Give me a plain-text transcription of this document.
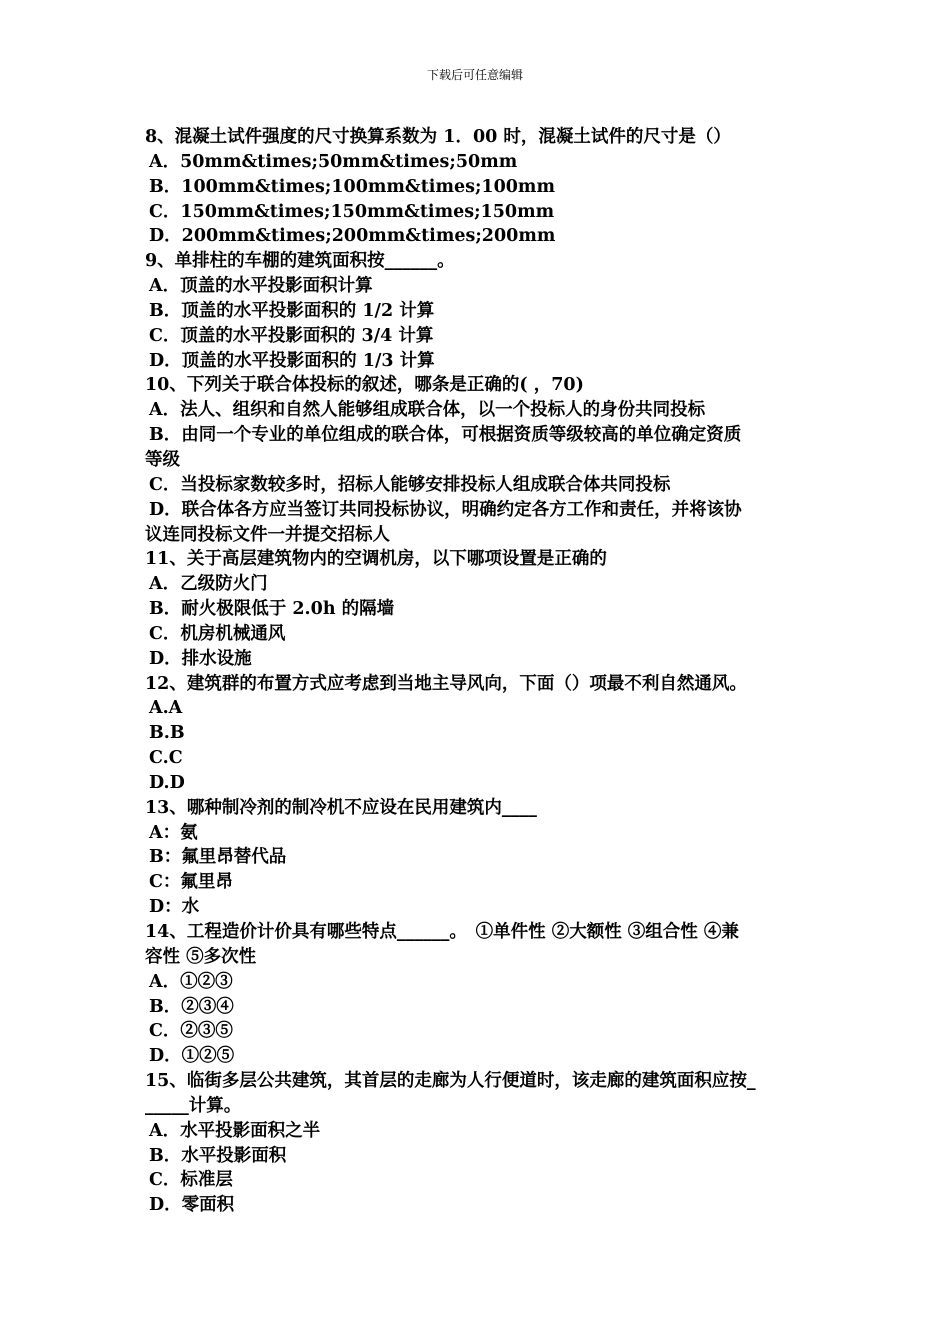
下载后可任意编辑
8、混凝土试件强度的尺寸换算系数为 1．00 时，混凝土试件的尺寸是（）
A．50mm&times;50mm&times;50mm
B．100mm&times;100mm&times;100mm
C．150mm&times;150mm&times;150mm
D．200mm&times;200mm&times;200mm
9、单排柱的车棚的建筑面积按______。
A．顶盖的水平投影面积计算
B．顶盖的水平投影面积的 1/2 计算
C．顶盖的水平投影面积的 3/4 计算
D．顶盖的水平投影面积的 1/3 计算
10、下列关于联合体投标的叙述，哪条是正确的( ，70)
A．法人、组织和自然人能够组成联合体，以一个投标人的身份共同投标
B．由同一个专业的单位组成的联合体，可根据资质等级较高的单位确定资质
等级
C．当投标家数较多时，招标人能够安排投标人组成联合体共同投标
D．联合体各方应当签订共同投标协议，明确约定各方工作和责任，并将该协
议连同投标文件一并提交招标人
11、关于高层建筑物内的空调机房，以下哪项设置是正确的
A．乙级防火门
B．耐火极限低于 2.0h 的隔墙
C．机房机械通风
D．排水设施
12、建筑群的布置方式应考虑到当地主导风向，下面（）项最不利自然通风。
A.A
B.B
C.C
D.D
13、哪种制冷剂的制冷机不应设在民用建筑内____
A：氨
B：氟里昂替代品
C：氟里昂
D：水
14、工程造价计价具有哪些特点______。　①单件性 ②大额性 ③组合性 ④兼
容性 ⑤多次性
A．①②③
B．②③④
C．②③⑤
D．①②⑤
15、临街多层公共建筑，其首层的走廊为人行便道时，该走廊的建筑面积应按_
_____计算。
A．水平投影面积之半
B．水平投影面积
C．标准层
D．零面积
